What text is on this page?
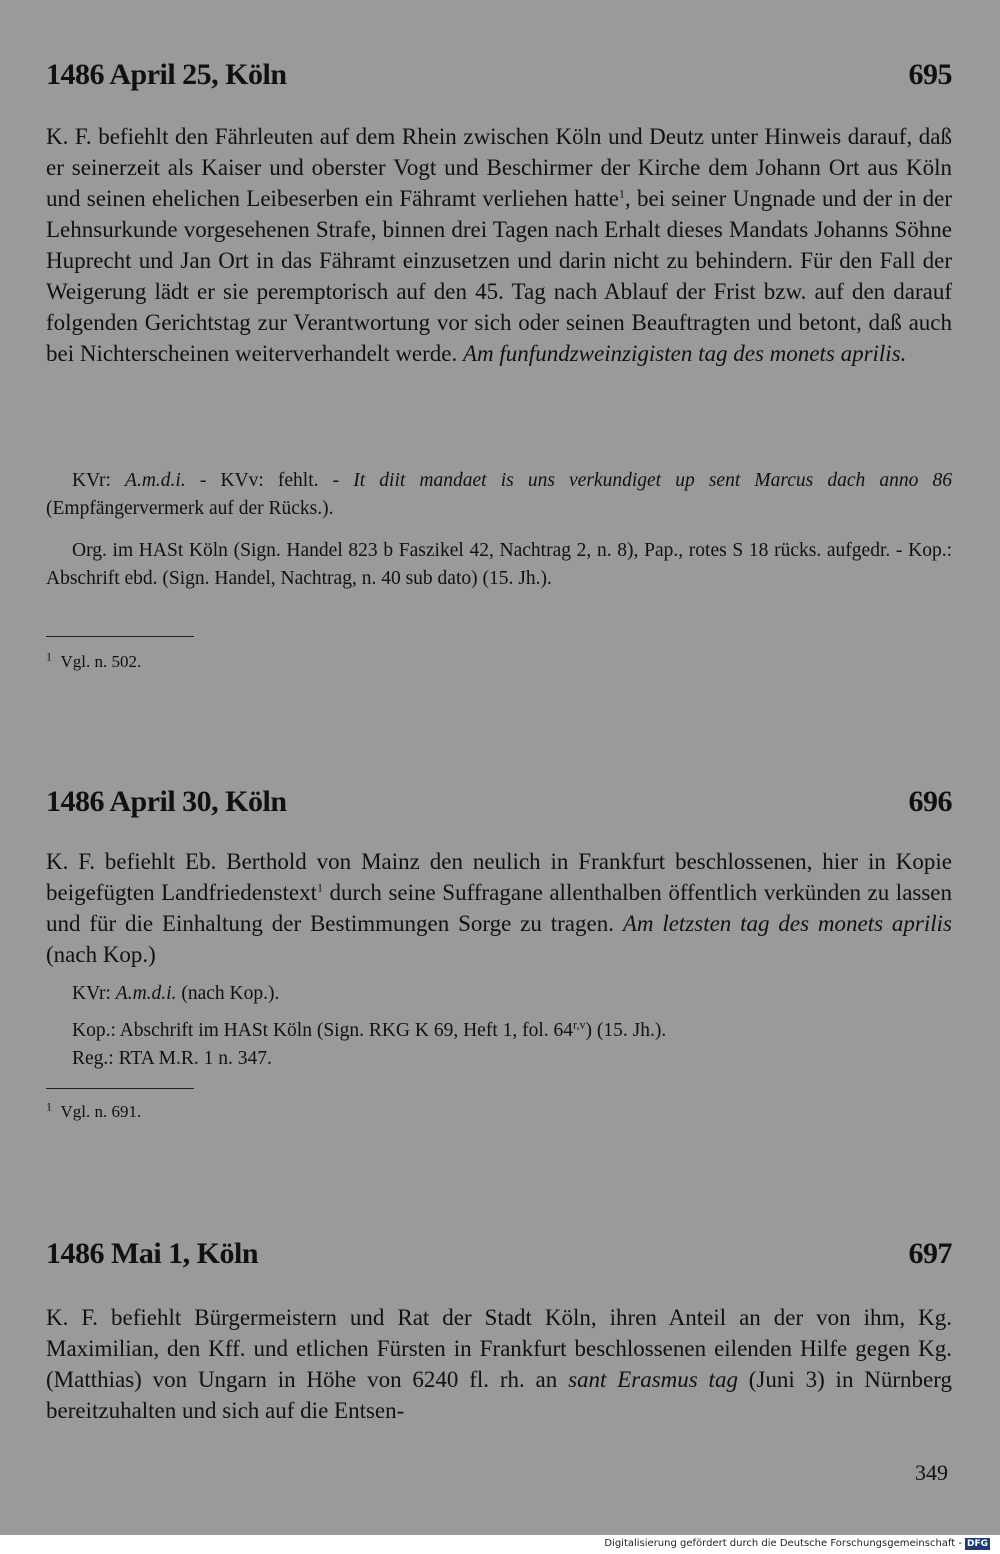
1486 April 25, Köln	695
K. F. befiehlt den Fährleuten auf dem Rhein zwischen Köln und Deutz unter Hinweis darauf, daß er seinerzeit als Kaiser und oberster Vogt und Beschirmer der Kirche dem Johann Ort aus Köln und seinen ehelichen Leibeserben ein Fähramt verliehen hatte$^1$, bei seiner Ungnade und der in der Lehnsurkunde vorgesehenen Strafe, binnen drei Tagen nach Erhalt dieses Mandats Johanns Söhne Huprecht und Jan Ort in das Fähramt einzusetzen und darin nicht zu behindern. Für den Fall der Weigerung lädt er sie peremptorisch auf den 45. Tag nach Ablauf der Frist bzw. auf den darauf folgenden Gerichtstag zur Verantwortung vor sich oder seinen Beauftragten und betont, daß auch bei Nichterscheinen weiterverhandelt werde. Am funfundzweinzigisten tag des monets aprilis.
KVr: A.m.d.i. - KVv: fehlt. - It diit mandaet is uns verkundiget up sent Marcus dach anno 86 (Empfängervermerk auf der Rücks.).
Org. im HASt Köln (Sign. Handel 823 b Faszikel 42, Nachtrag 2, n. 8), Pap., rotes S 18 rücks. aufgedr. - Kop.: Abschrift ebd. (Sign. Handel, Nachtrag, n. 40 sub dato) (15. Jh.).
$^1$ Vgl. n. 502.
1486 April 30, Köln	696
K. F. befiehlt Eb. Berthold von Mainz den neulich in Frankfurt beschlossenen, hier in Kopie beigefügten Landfriedenstext$^1$ durch seine Suffragane allenthalben öffentlich verkünden zu lassen und für die Einhaltung der Bestimmungen Sorge zu tragen. Am letzsten tag des monets aprilis (nach Kop.)
KVr: A.m.d.i. (nach Kop.).
Kop.: Abschrift im HASt Köln (Sign. RKG K 69, Heft 1, fol. 64$^{r,v}$) (15. Jh.).
Reg.: RTA M.R. 1 n. 347.
$^1$ Vgl. n. 691.
1486 Mai 1, Köln	697
K. F. befiehlt Bürgermeistern und Rat der Stadt Köln, ihren Anteil an der von ihm, Kg. Maximilian, den Kff. und etlichen Fürsten in Frankfurt beschlossenen eilenden Hilfe gegen Kg. (Matthias) von Ungarn in Höhe von 6240 fl. rh. an sant Erasmus tag (Juni 3) in Nürnberg bereitzuhalten und sich auf die Entsen-
349
Digitalisierung gefördert durch die Deutsche Forschungsgemeinschaft - DFG
